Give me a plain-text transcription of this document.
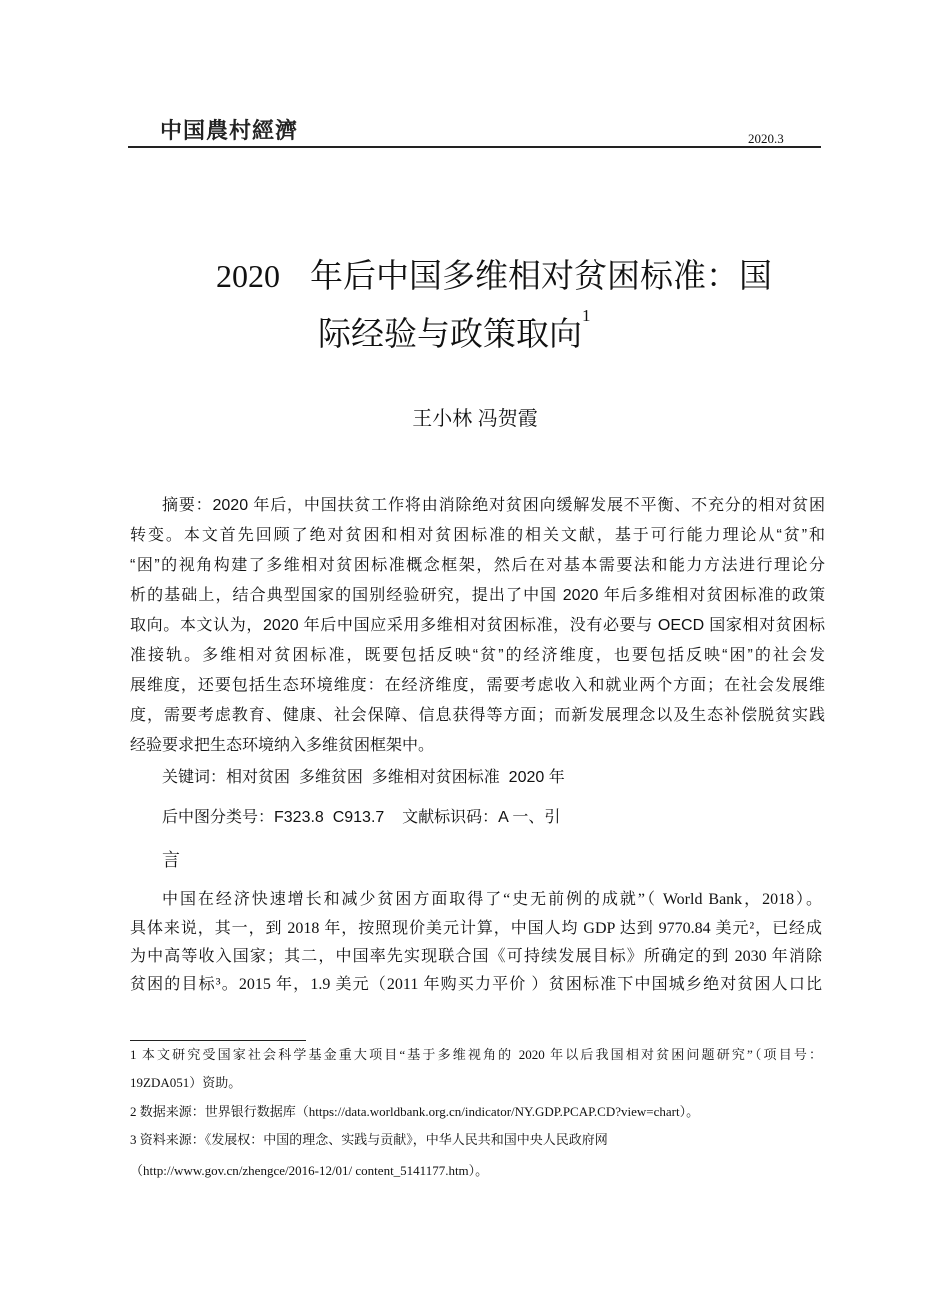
中国農村經濟	2020.3
2020 年后中国多维相对贫困标准：国
际经验与政策取向$^1$
王小林 冯贺霞
摘要：2020 年后，中国扶贫工作将由消除绝对贫困向缓解发展不平衡、不充分的相对贫困
转变。本文首先回顾了绝对贫困和相对贫困标准的相关文献，基于可行能力理论从“贫”和
“困”的视角构建了多维相对贫困标准概念框架，然后在对基本需要法和能力方法进行理论分
析的基础上，结合典型国家的国别经验研究，提出了中国 2020 年后多维相对贫困标准的政策
取向。本文认为，2020 年后中国应采用多维相对贫困标准，没有必要与 OECD 国家相对贫困标
准接轨。多维相对贫困标准，既要包括反映“贫”的经济维度，也要包括反映“困”的社会发
展维度，还要包括生态环境维度：在经济维度，需要考虑收入和就业两个方面；在社会发展维
度，需要考虑教育、健康、社会保障、信息获得等方面；而新发展理念以及生态补偿脱贫实践
经验要求把生态环境纳入多维贫困框架中。
关键词：相对贫困  多维贫困  多维相对贫困标准  2020 年
后中图分类号：F323.8  C913.7    文献标识码：A 一、引
言
中国在经济快速增长和减少贫困方面取得了“史无前例的成就”（ World Bank，2018）。
具体来说，其一，到 2018 年，按照现价美元计算，中国人均 GDP 达到 9770.84 美元²，已经成
为中高等收入国家；其二，中国率先实现联合国《可持续发展目标》所确定的到 2030 年消除
贫困的目标³。2015 年，1.9 美元（2011 年购买力平价 ）贫困标准下中国城乡绝对贫困人口比
1 本文研究受国家社会科学基金重大项目“基于多维视角的 2020 年以后我国相对贫困问题研究”（项目号：
19ZDA051）资助。
2 数据来源：世界银行数据库（https://data.worldbank.org.cn/indicator/NY.GDP.PCAP.CD?view=chart）。
3 资料来源：《发展权：中国的理念、实践与贡献》，中华人民共和国中央人民政府网
（http://www.gov.cn/zhengce/2016-12/01/ content_5141177.htm）。
